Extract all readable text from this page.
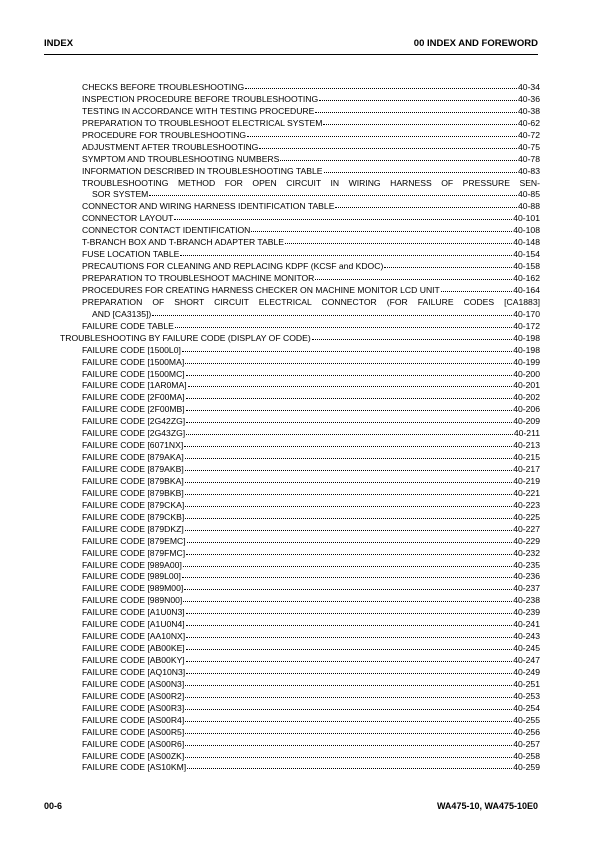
INDEX	00 INDEX AND FOREWORD
CHECKS BEFORE TROUBLESHOOTING	40-34
INSPECTION PROCEDURE BEFORE TROUBLESHOOTING	40-36
TESTING IN ACCORDANCE WITH TESTING PROCEDURE	40-38
PREPARATION TO TROUBLESHOOT ELECTRICAL SYSTEM	40-62
PROCEDURE FOR TROUBLESHOOTING	40-72
ADJUSTMENT AFTER TROUBLESHOOTING	40-75
SYMPTOM AND TROUBLESHOOTING NUMBERS	40-78
INFORMATION DESCRIBED IN TROUBLESHOOTING TABLE	40-83
TROUBLESHOOTING METHOD FOR OPEN CIRCUIT IN WIRING HARNESS OF PRESSURE SEN-
SOR SYSTEM	40-85
CONNECTOR AND WIRING HARNESS IDENTIFICATION TABLE	40-88
CONNECTOR LAYOUT	40-101
CONNECTOR CONTACT IDENTIFICATION	40-108
T-BRANCH BOX AND T-BRANCH ADAPTER TABLE	40-148
FUSE LOCATION TABLE	40-154
PRECAUTIONS FOR CLEANING AND REPLACING KDPF (KCSF and KDOC)	40-158
PREPARATION TO TROUBLESHOOT MACHINE MONITOR	40-162
PROCEDURES FOR CREATING HARNESS CHECKER ON MACHINE MONITOR LCD UNIT	40-164
PREPARATION OF SHORT CIRCUIT ELECTRICAL CONNECTOR (FOR FAILURE CODES [CA1883]
AND [CA3135])	40-170
FAILURE CODE TABLE	40-172
TROUBLESHOOTING BY FAILURE CODE (DISPLAY OF CODE)	40-198
FAILURE CODE [1500L0]	40-198
FAILURE CODE [1500MA]	40-199
FAILURE CODE [1500MC]	40-200
FAILURE CODE [1AR0MA]	40-201
FAILURE CODE [2F00MA]	40-202
FAILURE CODE [2F00MB]	40-206
FAILURE CODE [2G42ZG]	40-209
FAILURE CODE [2G43ZG]	40-211
FAILURE CODE [6071NX]	40-213
FAILURE CODE [879AKA]	40-215
FAILURE CODE [879AKB]	40-217
FAILURE CODE [879BKA]	40-219
FAILURE CODE [879BKB]	40-221
FAILURE CODE [879CKA]	40-223
FAILURE CODE [879CKB]	40-225
FAILURE CODE [879DKZ]	40-227
FAILURE CODE [879EMC]	40-229
FAILURE CODE [879FMC]	40-232
FAILURE CODE [989A00]	40-235
FAILURE CODE [989L00]	40-236
FAILURE CODE [989M00]	40-237
FAILURE CODE [989N00]	40-238
FAILURE CODE [A1U0N3]	40-239
FAILURE CODE [A1U0N4]	40-241
FAILURE CODE [AA10NX]	40-243
FAILURE CODE [AB00KE]	40-245
FAILURE CODE [AB00KY]	40-247
FAILURE CODE [AQ10N3]	40-249
FAILURE CODE [AS00N3]	40-251
FAILURE CODE [AS00R2]	40-253
FAILURE CODE [AS00R3]	40-254
FAILURE CODE [AS00R4]	40-255
FAILURE CODE [AS00R5]	40-256
FAILURE CODE [AS00R6]	40-257
FAILURE CODE [AS00ZK]	40-258
FAILURE CODE [AS10KM]	40-259
00-6	WA475-10, WA475-10E0
